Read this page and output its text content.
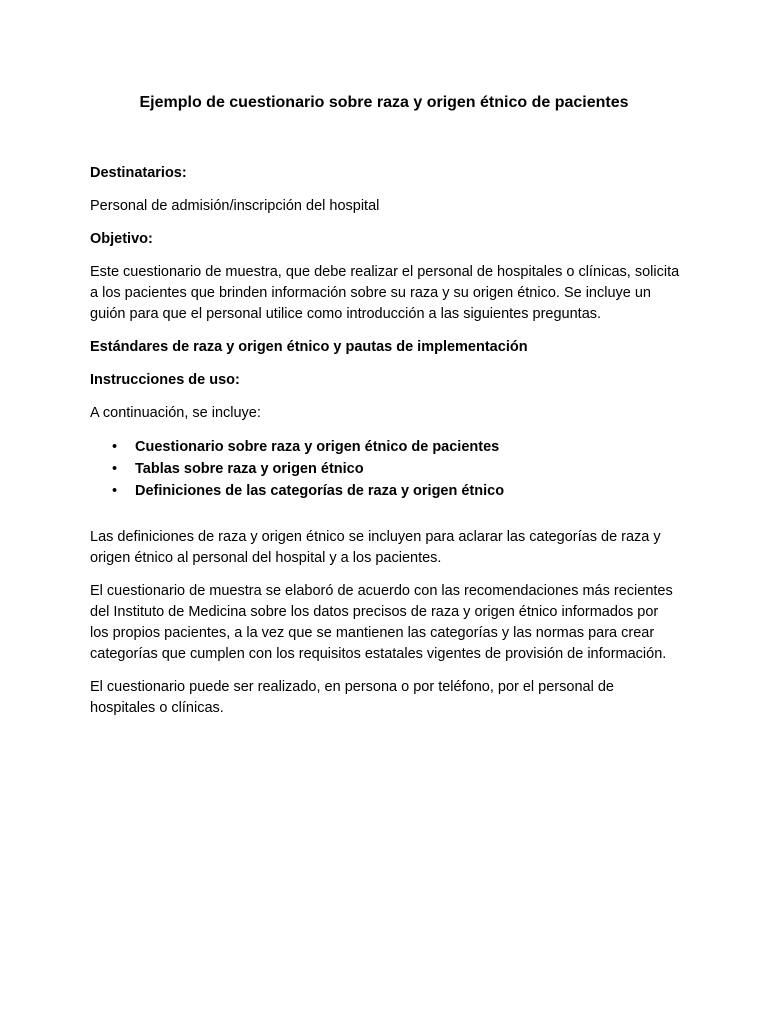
Ejemplo de cuestionario sobre raza y origen étnico de pacientes

Destinatarios:

Personal de admisión/inscripción del hospital

Objetivo:

Este cuestionario de muestra, que debe realizar el personal de hospitales o clínicas, solicita a los pacientes que brinden información sobre su raza y su origen étnico. Se incluye un guión para que el personal utilice como introducción a las siguientes preguntas.

Estándares de raza y origen étnico y pautas de implementación

Instrucciones de uso:

A continuación, se incluye:

• Cuestionario sobre raza y origen étnico de pacientes
• Tablas sobre raza y origen étnico
• Definiciones de las categorías de raza y origen étnico

Las definiciones de raza y origen étnico se incluyen para aclarar las categorías de raza y origen étnico al personal del hospital y a los pacientes.

El cuestionario de muestra se elaboró de acuerdo con las recomendaciones más recientes del Instituto de Medicina sobre los datos precisos de raza y origen étnico informados por los propios pacientes, a la vez que se mantienen las categorías y las normas para crear categorías que cumplen con los requisitos estatales vigentes de provisión de información.

El cuestionario puede ser realizado, en persona o por teléfono, por el personal de hospitales o clínicas.
